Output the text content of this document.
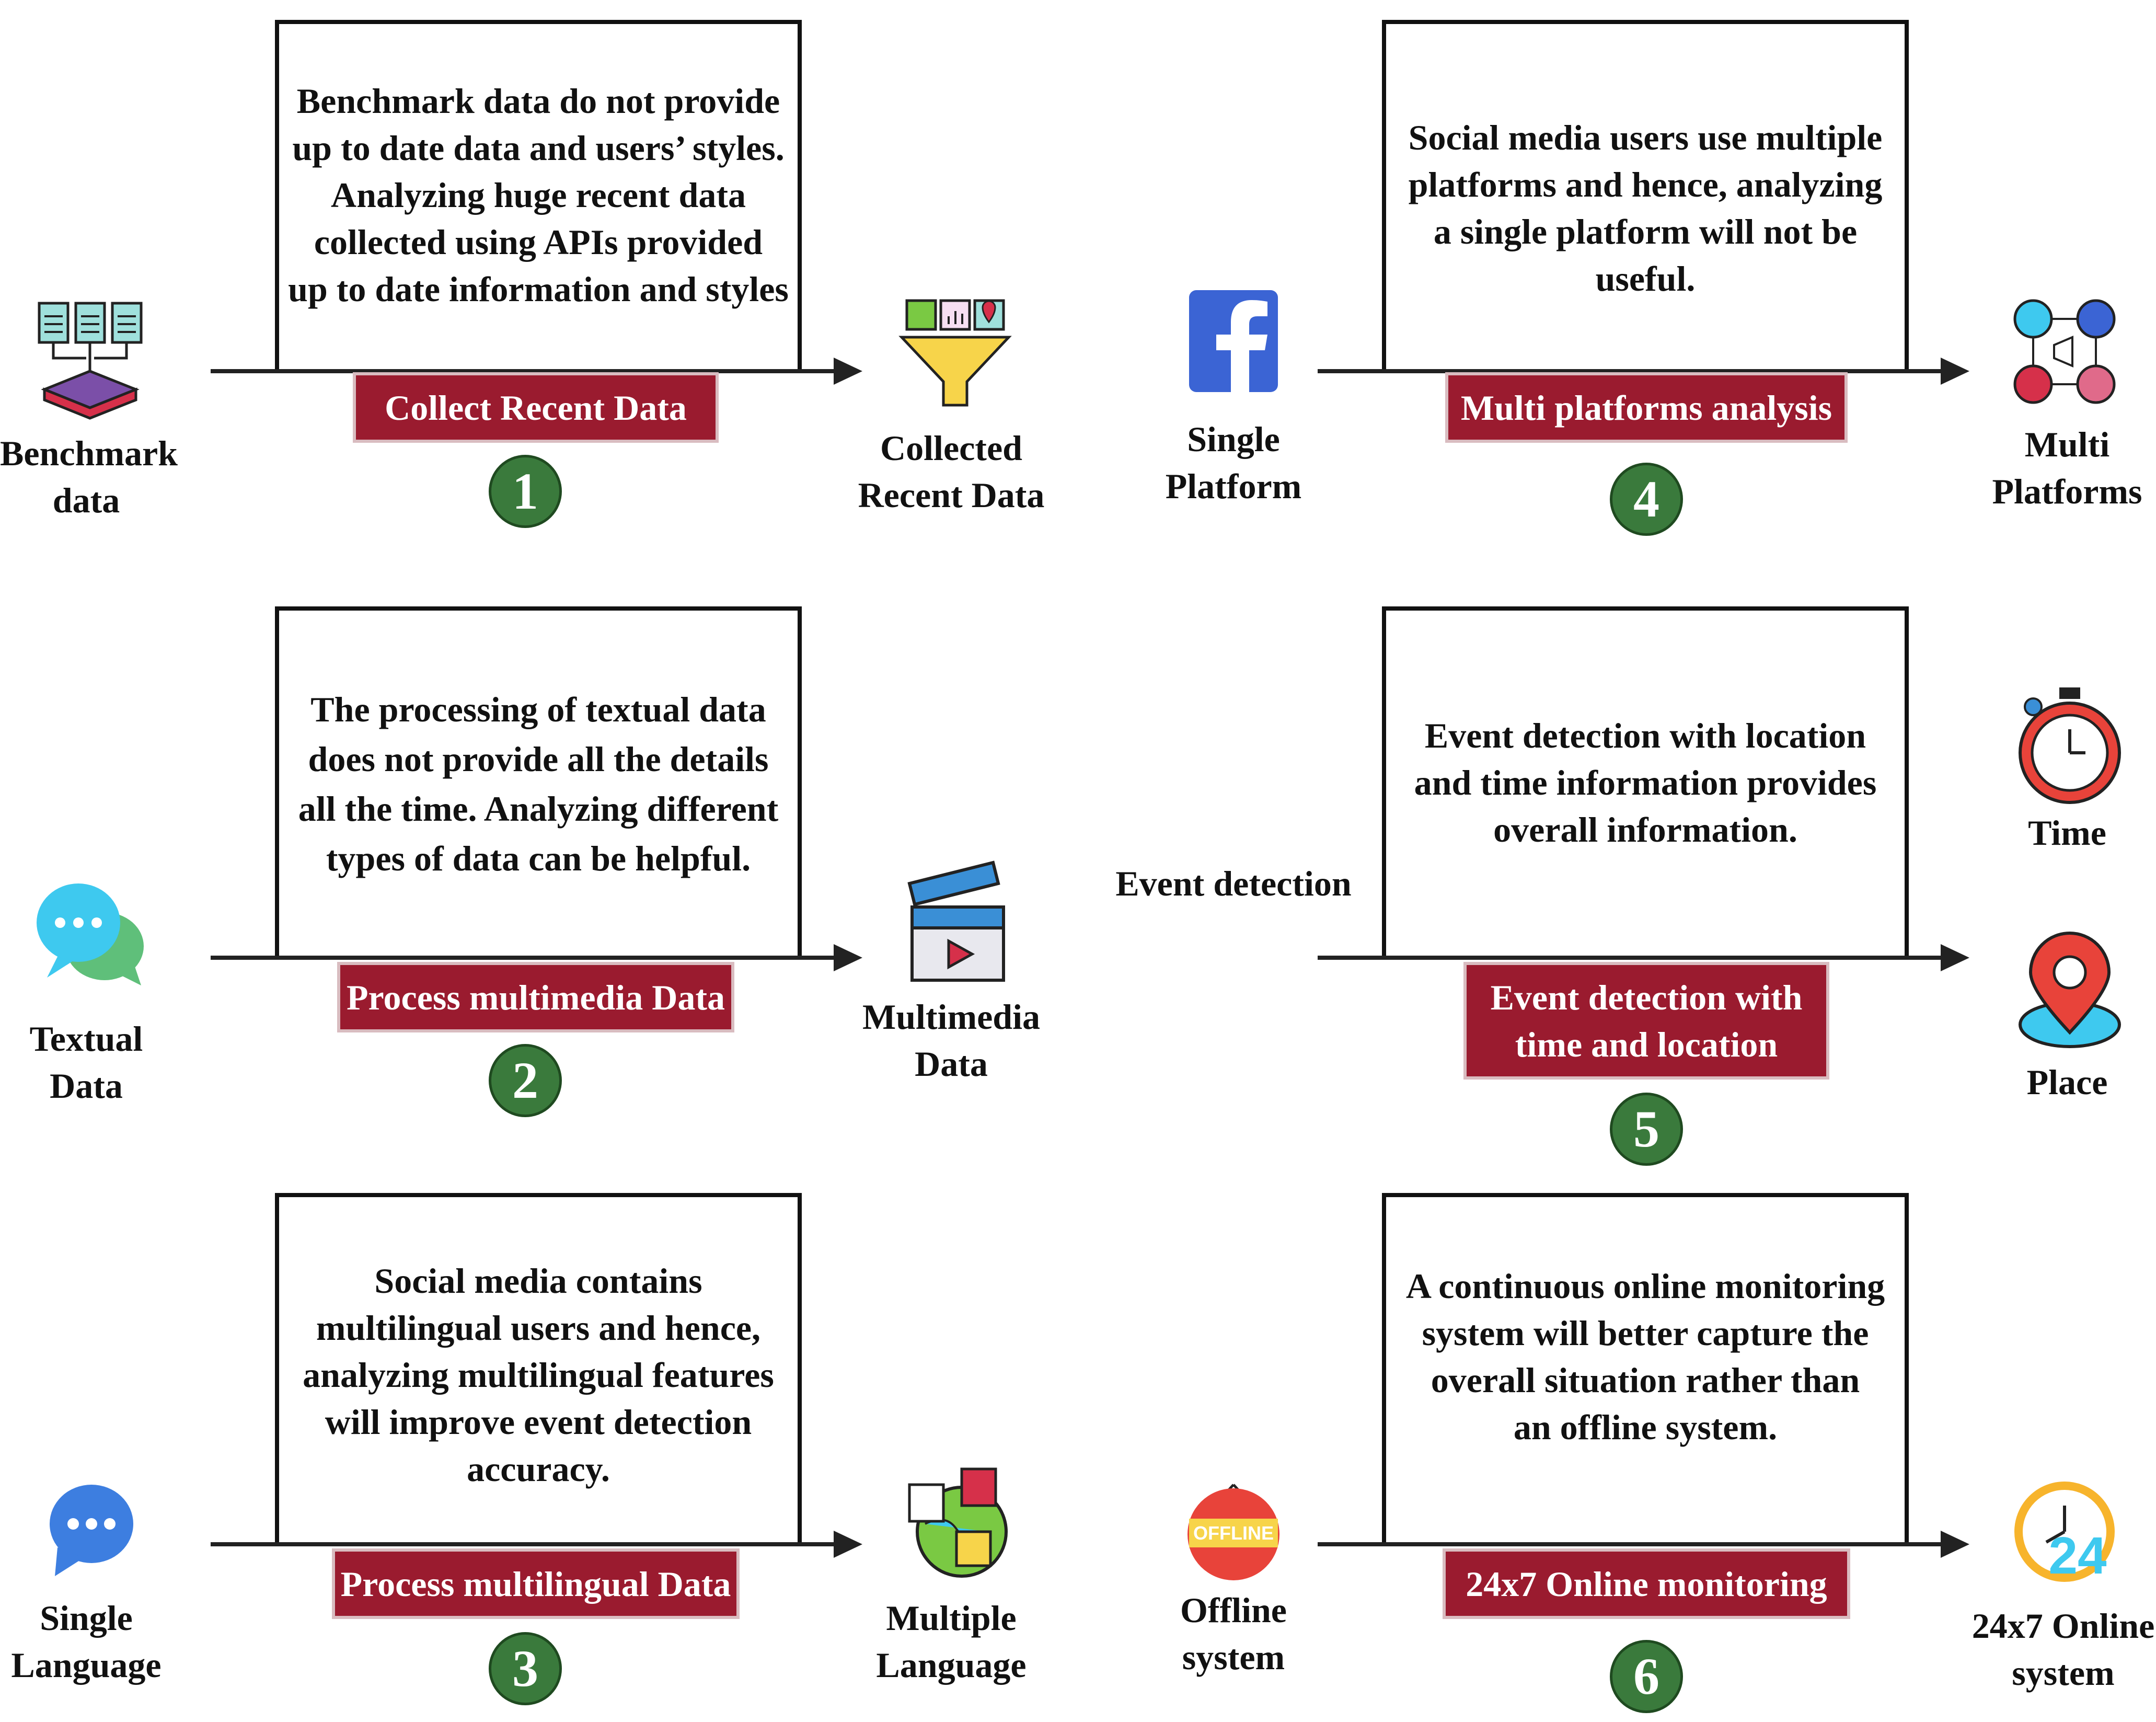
OFFLINE	24
Benchmark data do not provide
up to date data and users’ styles.
Analyzing huge recent data
collected using APIs provided
up to date information and styles
Collect Recent Data
1
Benchmark
data
Collected
Recent Data
The processing of textual data
does not provide all the details
all the time. Analyzing different
types of data can be helpful.
Process multimedia Data
2
Textual
Data
Multimedia
Data
Social media contains
multilingual users and hence,
analyzing multilingual features
will improve event detection
accuracy.
Process multilingual Data
3
Single
Language
Multiple
Language
Social media users use multiple
platforms and hence, analyzing
a single platform will not be
useful.
Multi platforms analysis
4
Single
Platform
Multi
Platforms
Event detection with location
and time information provides
overall information.
Event detection with
time and location
5
Event detection
Time
Place
A continuous online monitoring
system will better capture the
overall situation rather than
an offline system.
24x7 Online monitoring
6
Offline
system
24x7 Online
system
